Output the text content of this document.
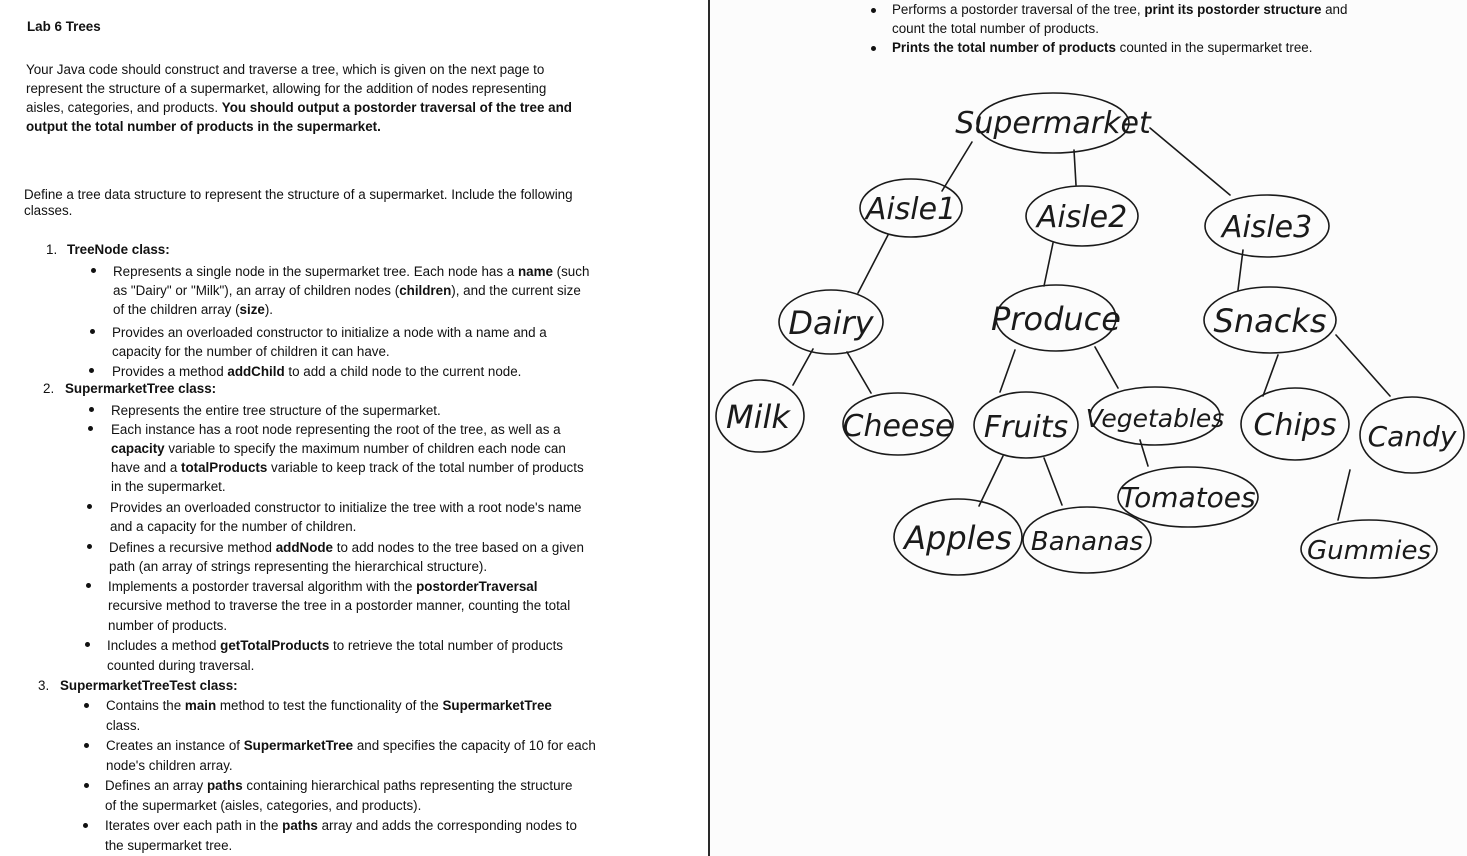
Lab 6 Trees
Your Java code should construct and traverse a tree, which is given on the next page to
represent the structure of a supermarket, allowing for the addition of nodes representing
aisles, categories, and products. You should output a postorder traversal of the tree and
output the total number of products in the supermarket.
Define a tree data structure to represent the structure of a supermarket. Include the following
classes.
1. TreeNode class:
Represents a single node in the supermarket tree. Each node has a name (such
as "Dairy" or "Milk"), an array of children nodes (children), and the current size
of the children array (size).
Provides an overloaded constructor to initialize a node with a name and a
capacity for the number of children it can have.
Provides a method addChild to add a child node to the current node.
2. SupermarketTree class:
Represents the entire tree structure of the supermarket.
Each instance has a root node representing the root of the tree, as well as a
capacity variable to specify the maximum number of children each node can
have and a totalProducts variable to keep track of the total number of products
in the supermarket.
Provides an overloaded constructor to initialize the tree with a root node's name
and a capacity for the number of children.
Defines a recursive method addNode to add nodes to the tree based on a given
path (an array of strings representing the hierarchical structure).
Implements a postorder traversal algorithm with the postorderTraversal
recursive method to traverse the tree in a postorder manner, counting the total
number of products.
Includes a method getTotalProducts to retrieve the total number of products
counted during traversal.
3. SupermarketTreeTest class:
Contains the main method to test the functionality of the SupermarketTree
class.
Creates an instance of SupermarketTree and specifies the capacity of 10 for each
node's children array.
Defines an array paths containing hierarchical paths representing the structure
of the supermarket (aisles, categories, and products).
Iterates over each path in the paths array and adds the corresponding nodes to
the supermarket tree.
Performs a postorder traversal of the tree, print its postorder structure and
count the total number of products.
Prints the total number of products counted in the supermarket tree.
Supermarket
Aisle1	Aisle2	Aisle3
Dairy	Produce	Snacks
Milk Cheese Fruits Vegetables Chips Candy
Tomatoes
Apples Bananas	Gummies
